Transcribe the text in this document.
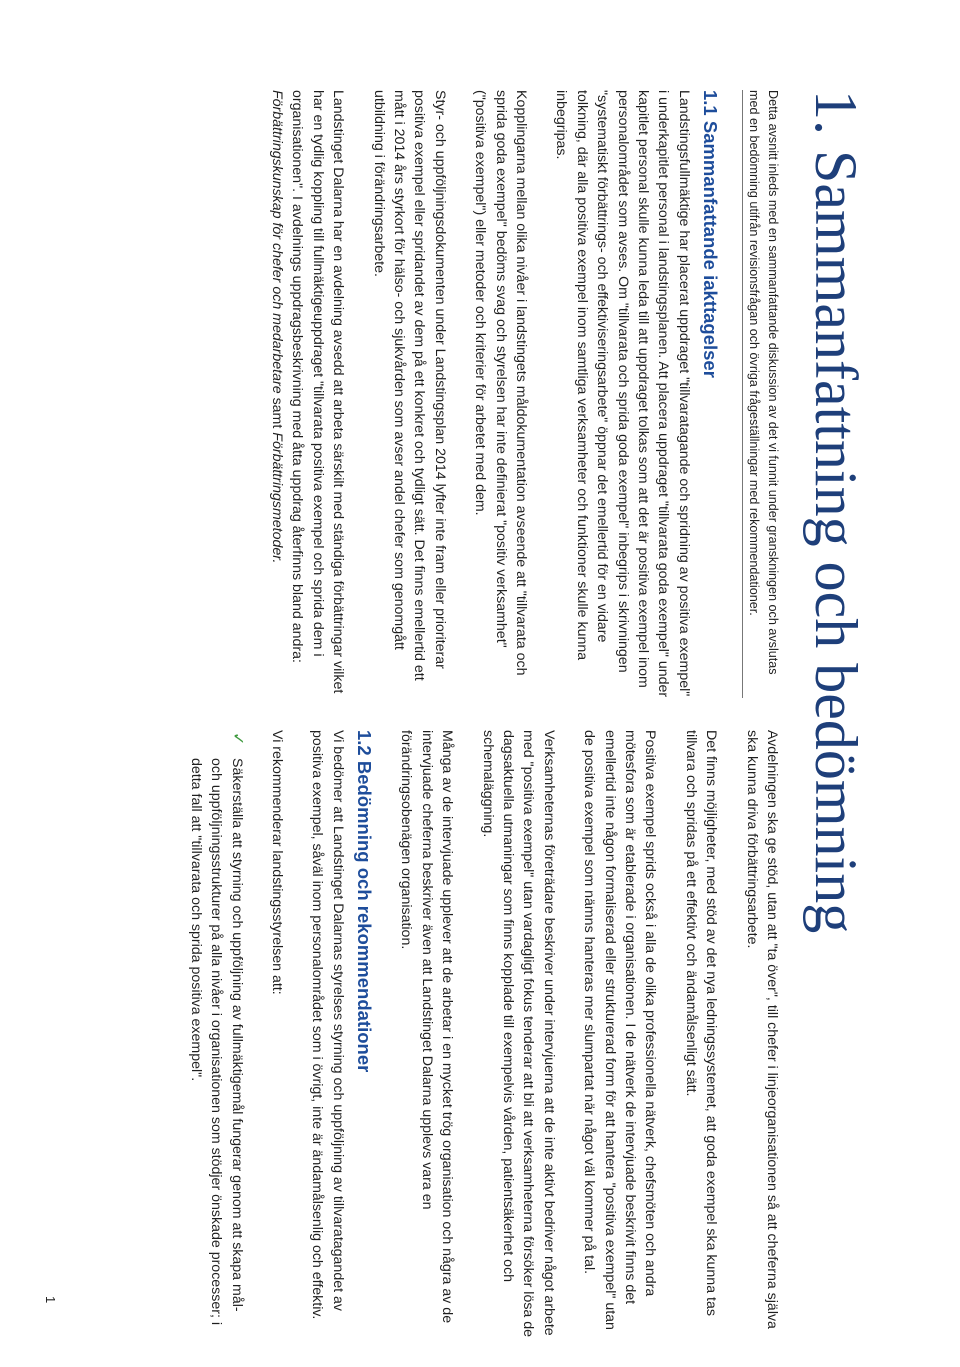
1. Sammanfattning och bedömning

Detta avsnitt inleds med en sammanfattande diskussion av det vi funnit under granskningen och avslutas med en bedömning utifrån revisionsfrågan och övriga frågeställningar med rekommendationer.

1.1 Sammanfattande iakttagelser

Landstingsfullmäktige har placerat uppdraget "tillvaratagande och spridning av positiva exempel" i underkapitlet personal i landstingsplanen. Att placera uppdraget "tillvarata goda exempel" under kapitlet personal skulle kunna leda till att uppdraget tolkas som att det är positiva exempel inom personalområdet som avses. Om "tillvarata och sprida goda exempel" inbegrips i skrivningen "systematiskt förbättrings- och effektiviseringsarbete" öppnar det emellertid för en vidare tolkning, där alla positiva exempel inom samtliga verksamheter och funktioner skulle kunna inbegripas.

Kopplingarna mellan olika nivåer i landstingets måldokumentation avseende att "tillvarata och sprida goda exempel" bedöms svag och styrelsen har inte definierat "positiv verksamhet" ("positiva exempel") eller metoder och kriterier för arbetet med dem.

Styr- och uppföljningsdokumenten under Landstingsplan 2014 lyfter inte fram eller prioriterar positiva exempel eller spridandet av dem på ett konkret och tydligt sätt. Det finns emellertid ett mått i 2014 års styrkort för hälso- och sjukvården som avser andel chefer som genomgått utbildning i förändringsarbete.

Landstinget Dalarna har en avdelning avsedd att arbeta särskilt med ständiga förbättringar vilket har en tydlig koppling till fullmäktigeuppdraget "tillvarata positiva exempel och sprida dem i organisationen". I avdelnings uppdragsbeskrivning med åtta uppdrag återfinns bland andra: Förbättringskunskap för chefer och medarbetare samt Förbättringsmetoder.

Avdelningen ska ge stöd, utan att "ta över", till chefer i linjeorganisationen så att cheferna själva ska kunna driva förbättringsarbete.

Det finns möjligheter, med stöd av det nya ledningssystemet, att goda exempel ska kunna tas tillvara och spridas på ett effektivt och ändamålsenligt sätt.

Positiva exempel sprids också i alla de olika professionella nätverk, chefsmöten och andra mötesfora som är etablerade i organisationen. I de nätverk de intervjuade beskrivit finns det emellertid inte någon formaliserad eller strukturerad form för att hantera "positiva exempel" utan de positiva exempel som nämns hanteras mer slumpartat när något väl kommer på tal.

Verksamheternas företrädare beskriver under intervjuerna att de inte aktivt bedriver något arbete med "positiva exempel" utan vardagligt fokus tenderar att bli att verksamheterna försöker lösa de dagsaktuella utmaningar som finns kopplade till exempelvis vården, patientsäkerhet och schemaläggning.

Många av de intervjuade upplever att de arbetar i en mycket trög organisation och några av de intervjuade cheferna beskriver även att Landstinget Dalarna upplevs vara en förändringsobenägen organisation.

1.2 Bedömning och rekommendationer

Vi bedömer att Landstinget Dalarnas styrelses styrning och uppföljning av tillvaratagandet av positiva exempel, såväl inom personalområdet som i övrigt, inte är ändamålsenlig och effektiv.

Vi rekommenderar landstingsstyrelsen att:

✓
Säkerställa att styrning och uppföljning av fullmäktigemål fungerar genom att skapa mål- och uppföljningsstrukturer på alla nivåer i organisationen som stödjer önskade processer; i detta fall att "tillvarata och sprida positiva exempel".
1
